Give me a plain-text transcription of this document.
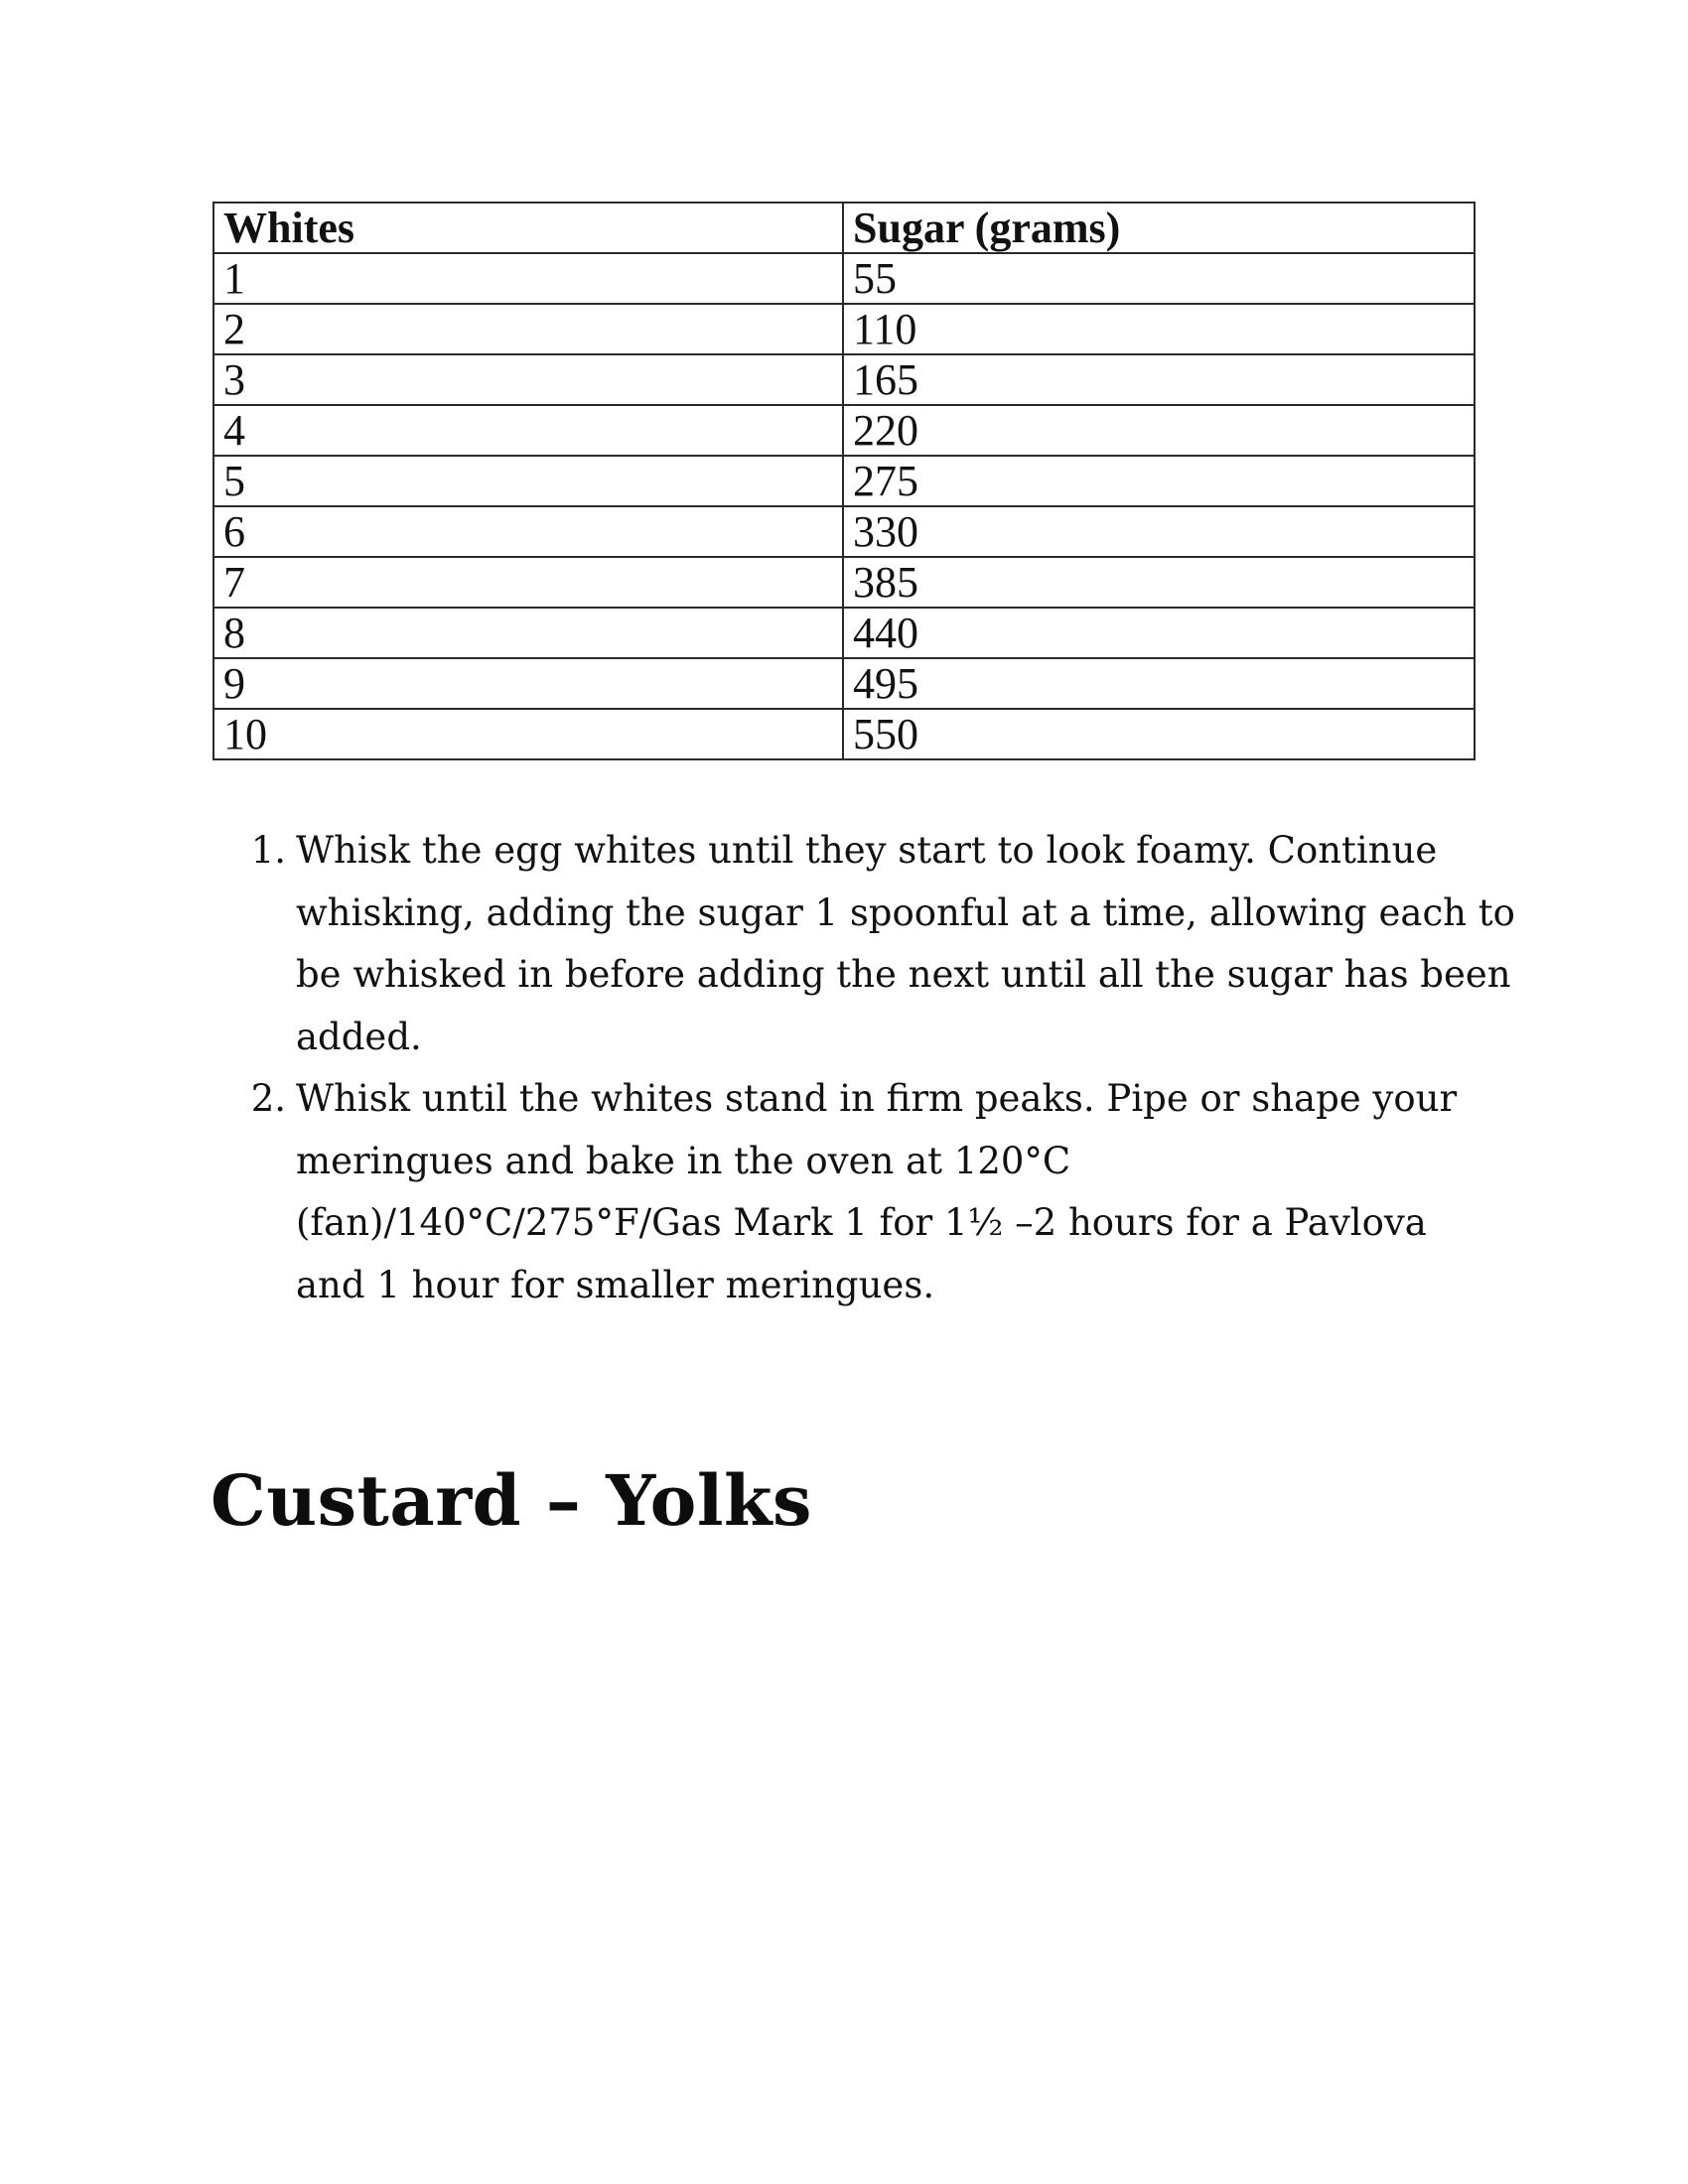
Whites	Sugar (grams)
1	55
2	110
3	165
4	220
5	275
6	330
7	385
8	440
9	495
10	550
1. Whisk the egg whites until they start to look foamy. Continue
whisking, adding the sugar 1 spoonful at a time, allowing each to
be whisked in before adding the next until all the sugar has been
added.
2. Whisk until the whites stand in firm peaks. Pipe or shape your
meringues and bake in the oven at 120°C
(fan)/140°C/275°F/Gas Mark 1 for 1½ –2 hours for a Pavlova
and 1 hour for smaller meringues.
Custard – Yolks
